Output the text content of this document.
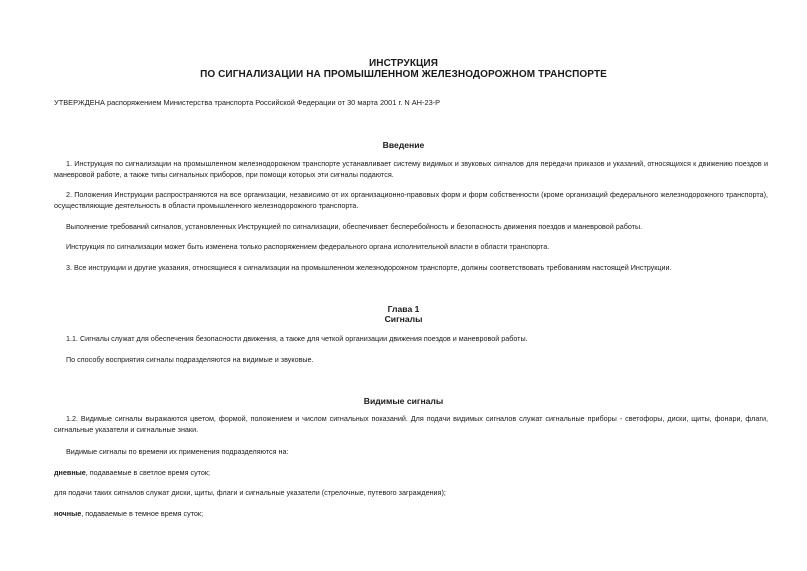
ИНСТРУКЦИЯ
ПО СИГНАЛИЗАЦИИ НА ПРОМЫШЛЕННОМ ЖЕЛЕЗНОДОРОЖНОМ ТРАНСПОРТЕ
УТВЕРЖДЕНА распоряжением Министерства транспорта Российской Федерации от 30 марта 2001 г. N АН-23-Р
Введение
1. Инструкция по сигнализации на промышленном железнодорожном транспорте устанавливает систему видимых и звуковых сигналов для передачи приказов и указаний, относящихся к движению поездов и маневровой работе, а также типы сигнальных приборов, при помощи которых эти сигналы подаются.
2. Положения Инструкции распространяются на все организации, независимо от их организационно-правовых форм и форм собственности (кроме организаций федерального железнодорожного транспорта), осуществляющие деятельность в области промышленного железнодорожного транспорта.
Выполнение требований сигналов, установленных Инструкцией по сигнализации, обеспечивает бесперебойность и безопасность движения поездов и маневровой работы.
Инструкция по сигнализации может быть изменена только распоряжением федерального органа исполнительной власти в области транспорта.
3. Все инструкции и другие указания, относящиеся к сигнализации на промышленном железнодорожном транспорте, должны соответствовать требованиям настоящей Инструкции.
Глава 1
Сигналы
1.1. Сигналы служат для обеспечения безопасности движения, а также для четкой организации движения поездов и маневровой работы.
По способу восприятия сигналы подразделяются на видимые и звуковые.
Видимые сигналы
1.2. Видимые сигналы выражаются цветом, формой, положением и числом сигнальных показаний. Для подачи видимых сигналов служат сигнальные приборы - светофоры, диски, щиты, фонари, флаги, сигнальные указатели и сигнальные знаки.
Видимые сигналы по времени их применения подразделяются на:
дневные, подаваемые в светлое время суток;
для подачи таких сигналов служат диски, щиты, флаги и сигнальные указатели (стрелочные, путевого заграждения);
ночные, подаваемые в темное время суток;
